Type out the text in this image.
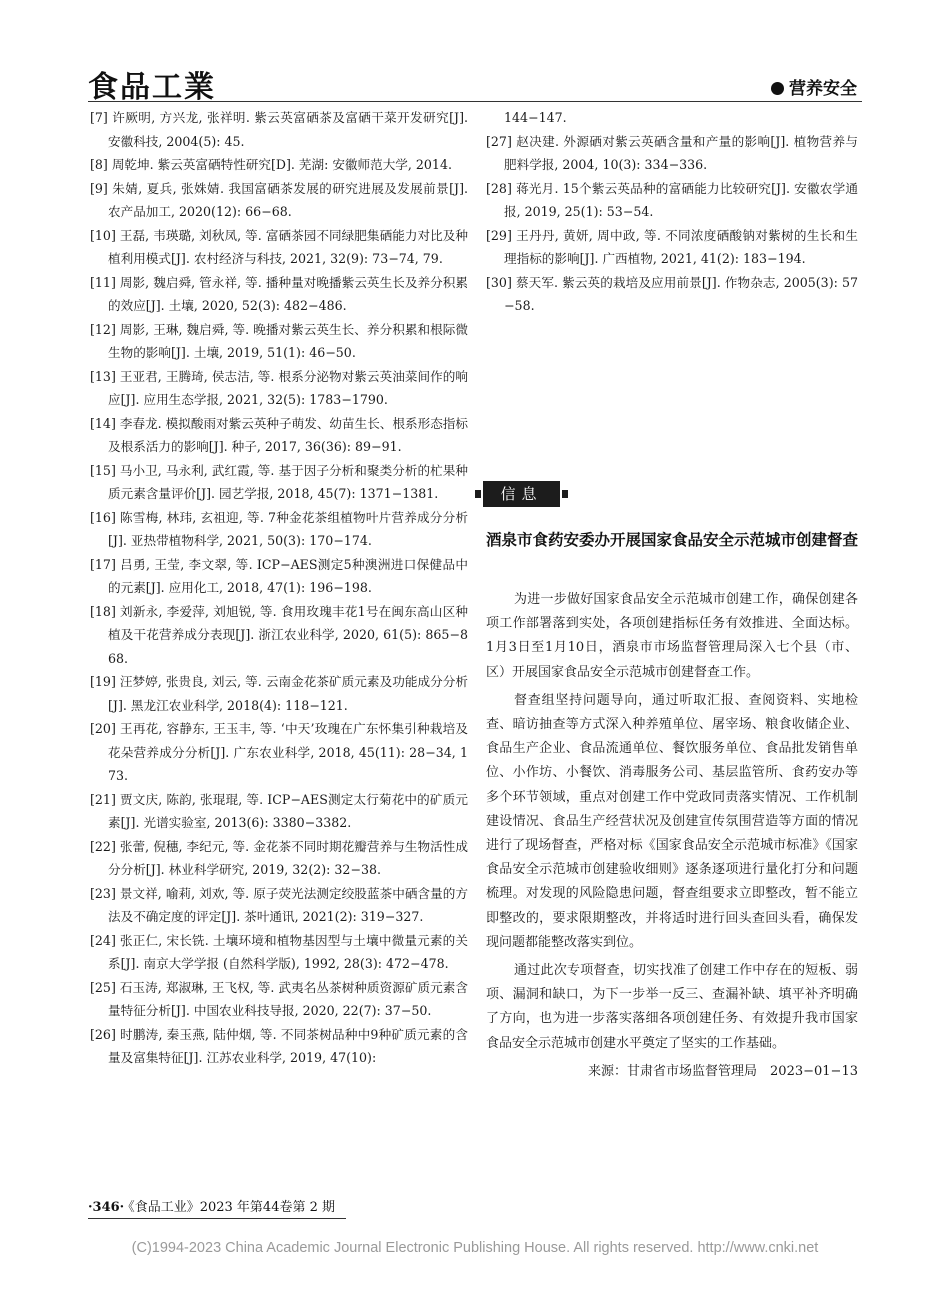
食品工業	营养安全
[7] 许厥明, 方兴龙, 张祥明. 紫云英富硒茶及富硒干菜开发研究[J]. 安徽科技, 2004(5): 45.
[8] 周乾坤. 紫云英富硒特性研究[D]. 芜湖: 安徽师范大学, 2014.
[9] 朱婧, 夏兵, 张姝婧. 我国富硒茶发展的研究进展及发展前景[J]. 农产品加工, 2020(12): 66−68.
[10] 王磊, 韦瑛璐, 刘秋凤, 等. 富硒茶园不同绿肥集硒能力对比及种植利用模式[J]. 农村经济与科技, 2021, 32(9): 73−74, 79.
[11] 周影, 魏启舜, 管永祥, 等. 播种量对晚播紫云英生长及养分积累的效应[J]. 土壤, 2020, 52(3): 482−486.
[12] 周影, 王琳, 魏启舜, 等. 晚播对紫云英生长、养分积累和根际微生物的影响[J]. 土壤, 2019, 51(1): 46−50.
[13] 王亚君, 王腾琦, 侯志洁, 等. 根系分泌物对紫云英油菜间作的响应[J]. 应用生态学报, 2021, 32(5): 1783−1790.
[14] 李春龙. 模拟酸雨对紫云英种子萌发、幼苗生长、根系形态指标及根系活力的影响[J]. 种子, 2017, 36(36): 89−91.
[15] 马小卫, 马永利, 武红霞, 等. 基于因子分析和聚类分析的杧果种质元素含量评价[J]. 园艺学报, 2018, 45(7): 1371−1381.
[16] 陈雪梅, 林玮, 玄祖迎, 等. 7种金花茶组植物叶片营养成分分析[J]. 亚热带植物科学, 2021, 50(3): 170−174.
[17] 吕勇, 王莹, 李文翠, 等. ICP−AES测定5种澳洲进口保健品中的元素[J]. 应用化工, 2018, 47(1): 196−198.
[18] 刘新永, 李爱萍, 刘旭锐, 等. 食用玫瑰丰花1号在闽东高山区种植及干花营养成分表现[J]. 浙江农业科学, 2020, 61(5): 865−868.
[19] 汪梦婷, 张贵良, 刘云, 等. 云南金花茶矿质元素及功能成分分析[J]. 黑龙江农业科学, 2018(4): 118−121.
[20] 王再花, 容静东, 王玉丰, 等. ‘中天’玫瑰在广东怀集引种栽培及花朵营养成分分析[J]. 广东农业科学, 2018, 45(11): 28−34, 173.
[21] 贾文庆, 陈韵, 张琨琨, 等. ICP−AES测定太行菊花中的矿质元素[J]. 光谱实验室, 2013(6): 3380−3382.
[22] 张蕾, 倪穗, 李纪元, 等. 金花茶不同时期花瓣营养与生物活性成分分析[J]. 林业科学研究, 2019, 32(2): 32−38.
[23] 景文祥, 喻莉, 刘欢, 等. 原子荧光法测定绞股蓝茶中硒含量的方法及不确定度的评定[J]. 茶叶通讯, 2021(2): 319−327.
[24] 张正仁, 宋长铣. 土壤环境和植物基因型与土壤中微量元素的关系[J]. 南京大学学报 (自然科学版), 1992, 28(3): 472−478.
[25] 石玉涛, 郑淑琳, 王飞权, 等. 武夷名丛茶树种质资源矿质元素含量特征分析[J]. 中国农业科技导报, 2020, 22(7): 37−50.
[26] 时鹏涛, 秦玉燕, 陆仲烟, 等. 不同茶树品种中9种矿质元素的含量及富集特征[J]. 江苏农业科学, 2019, 47(10):
144−147.
[27] 赵决建. 外源硒对紫云英硒含量和产量的影响[J]. 植物营养与肥料学报, 2004, 10(3): 334−336.
[28] 蒋光月. 15个紫云英品种的富硒能力比较研究[J]. 安徽农学通报, 2019, 25(1): 53−54.
[29] 王丹丹, 黄妍, 周中政, 等. 不同浓度硒酸钠对紫树的生长和生理指标的影响[J]. 广西植物, 2021, 41(2): 183−194.
[30] 蔡天军. 紫云英的栽培及应用前景[J]. 作物杂志, 2005(3): 57−58.
信息
酒泉市食药安委办开展国家食品安全示范城市创建督查

为进一步做好国家食品安全示范城市创建工作，确保创建各项工作部署落到实处，各项创建指标任务有效推进、全面达标。1月3日至1月10日，酒泉市市场监督管理局深入七个县（市、区）开展国家食品安全示范城市创建督查工作。

督查组坚持问题导向，通过听取汇报、查阅资料、实地检查、暗访抽查等方式深入种养殖单位、屠宰场、粮食收储企业、食品生产企业、食品流通单位、餐饮服务单位、食品批发销售单位、小作坊、小餐饮、消毒服务公司、基层监管所、食药安办等多个环节领域，重点对创建工作中党政同责落实情况、工作机制建设情况、食品生产经营状况及创建宣传氛围营造等方面的情况进行了现场督查，严格对标《国家食品安全示范城市标准》《国家食品安全示范城市创建验收细则》逐条逐项进行量化打分和问题梳理。对发现的风险隐患问题，督查组要求立即整改，暂不能立即整改的，要求限期整改，并将适时进行回头查回头看，确保发现问题都能整改落实到位。

通过此次专项督查，切实找准了创建工作中存在的短板、弱项、漏洞和缺口，为下一步举一反三、查漏补缺、填平补齐明确了方向，也为进一步落实落细各项创建任务、有效提升我市国家食品安全示范城市创建水平奠定了坚实的工作基础。

来源：甘肃省市场监督管理局　2023−01−13
·346· 《食品工业》2023 年第44卷第 2 期
(C)1994-2023 China Academic Journal Electronic Publishing House. All rights reserved. http://www.cnki.net
